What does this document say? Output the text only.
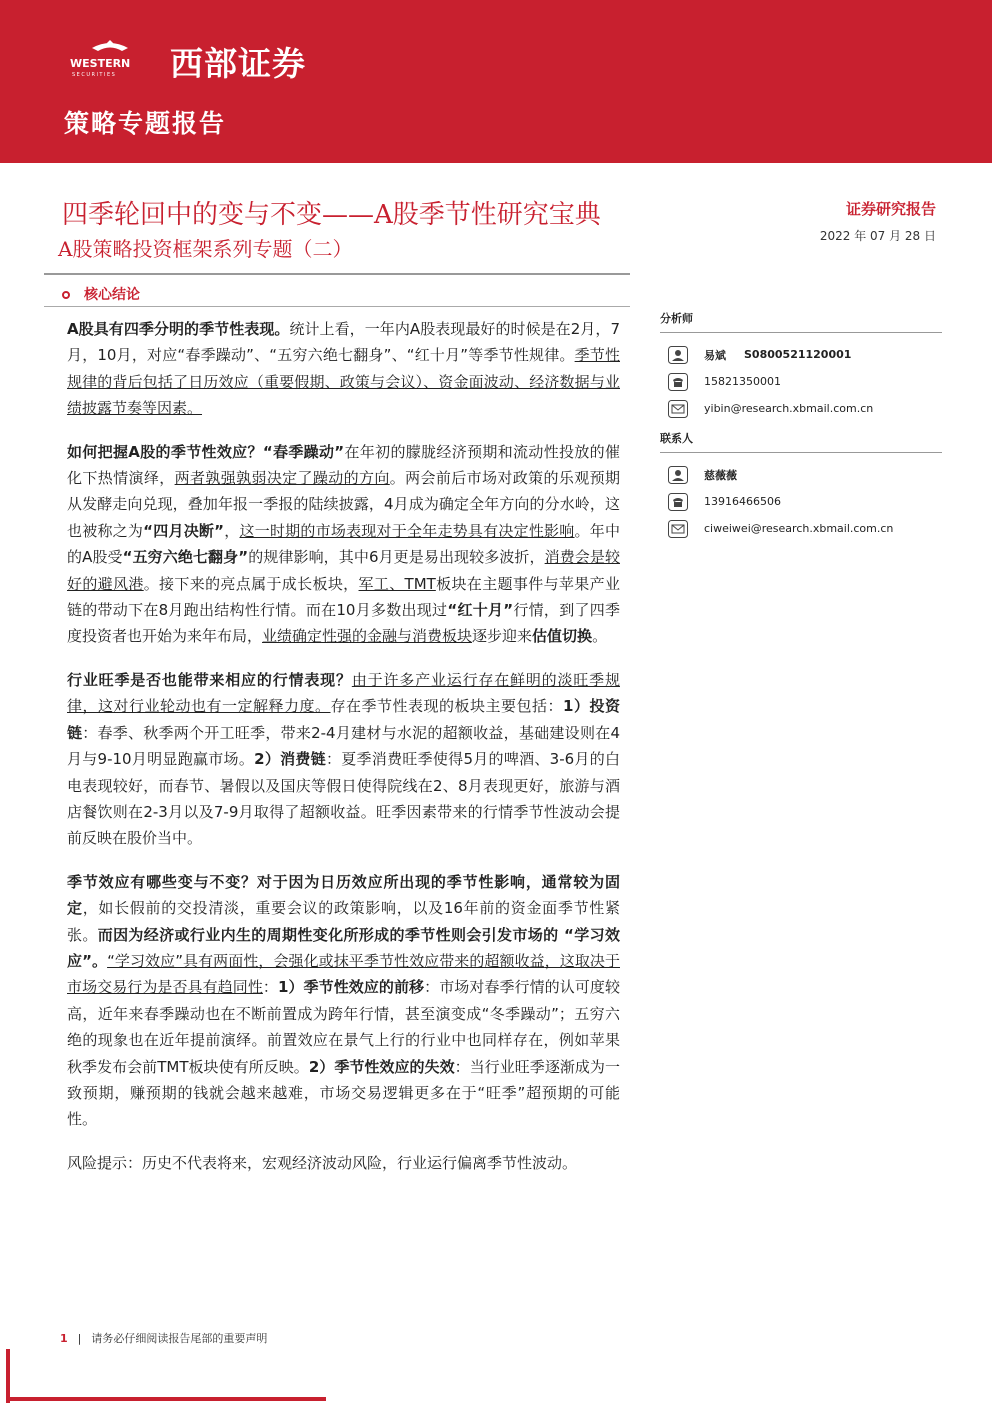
WESTERN
SECURITIES 西部证券
策略专题报告
四季轮回中的变与不变——A股季节性研究宝典
A股策略投资框架系列专题（二）
证券研究报告
2022 年 07 月 28 日
核心结论

A股具有四季分明的季节性表现。统计上看，一年内A股表现最好的时候是在2月，7月，10月，对应“春季躁动”、“五穷六绝七翻身”、“红十月”等季节性规律。季节性规律的背后包括了日历效应（重要假期、政策与会议）、资金面波动、经济数据与业绩披露节奏等因素。

如何把握A股的季节性效应？“春季躁动”在年初的朦胧经济预期和流动性投放的催化下热情演绎，两者孰强孰弱决定了躁动的方向。两会前后市场对政策的乐观预期从发酵走向兑现，叠加年报一季报的陆续披露，4月成为确定全年方向的分水岭，这也被称之为“四月决断”，这一时期的市场表现对于全年走势具有决定性影响。年中的A股受“五穷六绝七翻身”的规律影响，其中6月更是易出现较多波折，消费会是较好的避风港。接下来的亮点属于成长板块，军工、TMT板块在主题事件与苹果产业链的带动下在8月跑出结构性行情。而在10月多数出现过“红十月”行情，到了四季度投资者也开始为来年布局，业绩确定性强的金融与消费板块逐步迎来估值切换。

行业旺季是否也能带来相应的行情表现？由于许多产业运行存在鲜明的淡旺季规律，这对行业轮动也有一定解释力度。存在季节性表现的板块主要包括：1）投资链：春季、秋季两个开工旺季，带来2-4月建材与水泥的超额收益，基础建设则在4月与9-10月明显跑赢市场。2）消费链：夏季消费旺季使得5月的啤酒、3-6月的白电表现较好，而春节、暑假以及国庆等假日使得院线在2、8月表现更好，旅游与酒店餐饮则在2-3月以及7-9月取得了超额收益。旺季因素带来的行情季节性波动会提前反映在股价当中。

季节效应有哪些变与不变？对于因为日历效应所出现的季节性影响，通常较为固定，如长假前的交投清淡，重要会议的政策影响，以及16年前的资金面季节性紧张。而因为经济或行业内生的周期性变化所形成的季节性则会引发市场的 “学习效应”。“学习效应”具有两面性，会强化或抹平季节性效应带来的超额收益，这取决于市场交易行为是否具有趋同性：1）季节性效应的前移：市场对春季行情的认可度较高，近年来春季躁动也在不断前置成为跨年行情，甚至演变成“冬季躁动”；五穷六绝的现象也在近年提前演绎。前置效应在景气上行的行业中也同样存在，例如苹果秋季发布会前TMT板块使有所反映。2）季节性效应的失效：当行业旺季逐渐成为一致预期，赚预期的钱就会越来越难，市场交易逻辑更多在于“旺季”超预期的可能性。

风险提示：历史不代表将来，宏观经济波动风险，行业运行偏离季节性波动。

分析师
易斌 S0800521120001
15821350001
yibin@research.xbmail.com.cn
联系人
慈薇薇
13916466506
ciweiwei@research.xbmail.com.cn
1 | 请务必仔细阅读报告尾部的重要声明
